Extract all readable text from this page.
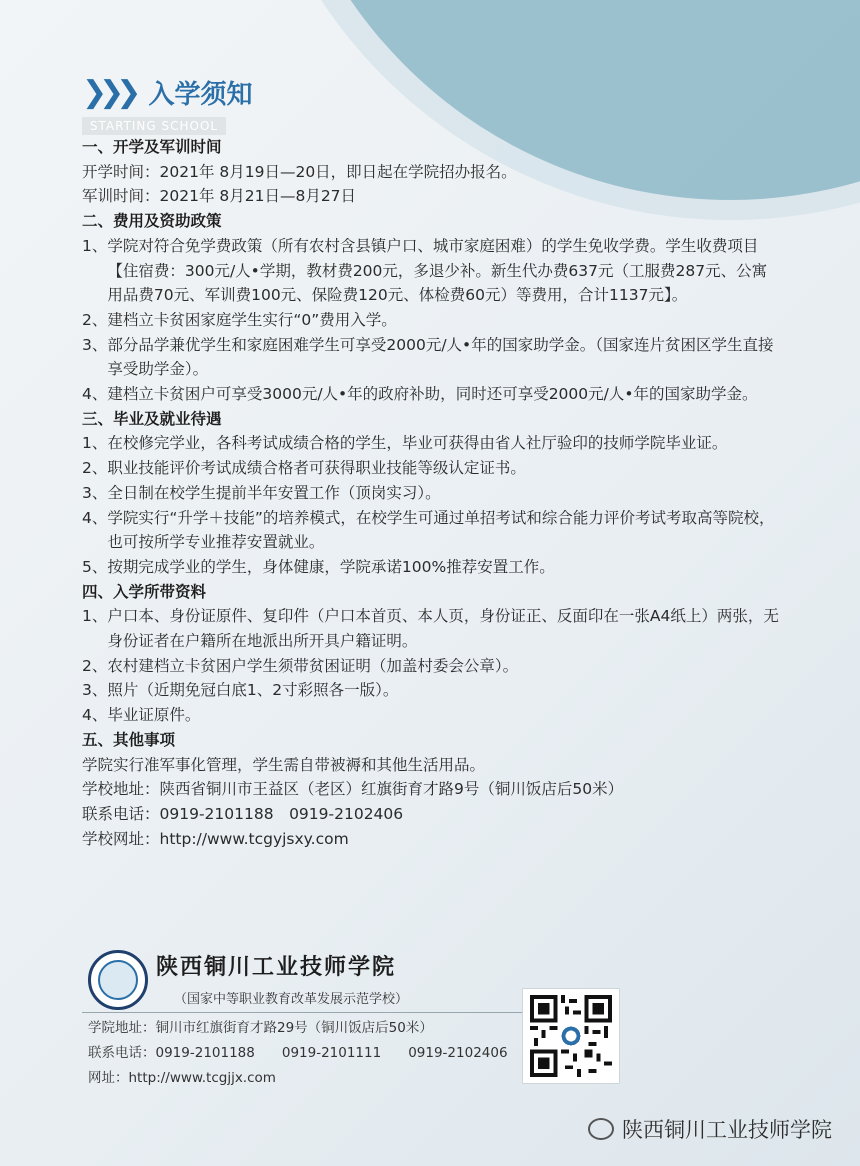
❯❯❯ 入学须知
STARTING SCHOOL
一、开学及军训时间
开学时间：2021年 8月19日—20日，即日起在学院招办报名。
军训时间：2021年 8月21日—8月27日
二、费用及资助政策
1、 学院对符合免学费政策（所有农村含县镇户口、城市家庭困难）的学生免收学费。学生收费项目【住宿费：300元/人•学期，教材费200元，多退少补。新生代办费637元（工服费287元、公寓用品费70元、军训费100元、保险费120元、体检费60元）等费用，合计1137元】。
2、 建档立卡贫困家庭学生实行“0”费用入学。
3、 部分品学兼优学生和家庭困难学生可享受2000元/人•年的国家助学金。（国家连片贫困区学生直接享受助学金）。
4、 建档立卡贫困户可享受3000元/人•年的政府补助，同时还可享受2000元/人•年的国家助学金。
三、毕业及就业待遇
1、 在校修完学业，各科考试成绩合格的学生，毕业可获得由省人社厅验印的技师学院毕业证。
2、 职业技能评价考试成绩合格者可获得职业技能等级认定证书。
3、 全日制在校学生提前半年安置工作（顶岗实习）。
4、 学院实行“升学＋技能”的培养模式，在校学生可通过单招考试和综合能力评价考试考取高等院校，也可按所学专业推荐安置就业。
5、 按期完成学业的学生，身体健康，学院承诺100%推荐安置工作。
四、入学所带资料
1、 户口本、身份证原件、复印件（户口本首页、本人页，身份证正、反面印在一张A4纸上）两张，无身份证者在户籍所在地派出所开具户籍证明。
2、 农村建档立卡贫困户学生须带贫困证明（加盖村委会公章）。
3、 照片（近期免冠白底1、2寸彩照各一版）。
4、 毕业证原件。
五、其他事项
学院实行准军事化管理，学生需自带被褥和其他生活用品。
学校地址：陕西省铜川市王益区（老区）红旗街育才路9号（铜川饭店后50米）
联系电话：0919-2101188　0919-2102406
学校网址：http://www.tcgyjsxy.com
陕西铜川工业技师学院
（国家中等职业教育改革发展示范学校）
学院地址：铜川市红旗街育才路29号（铜川饭店后50米）
联系电话：0919-2101188　　0919-2101111　　0919-2102406
网址：http://www.tcgjjx.com
陕西铜川工业技师学院
